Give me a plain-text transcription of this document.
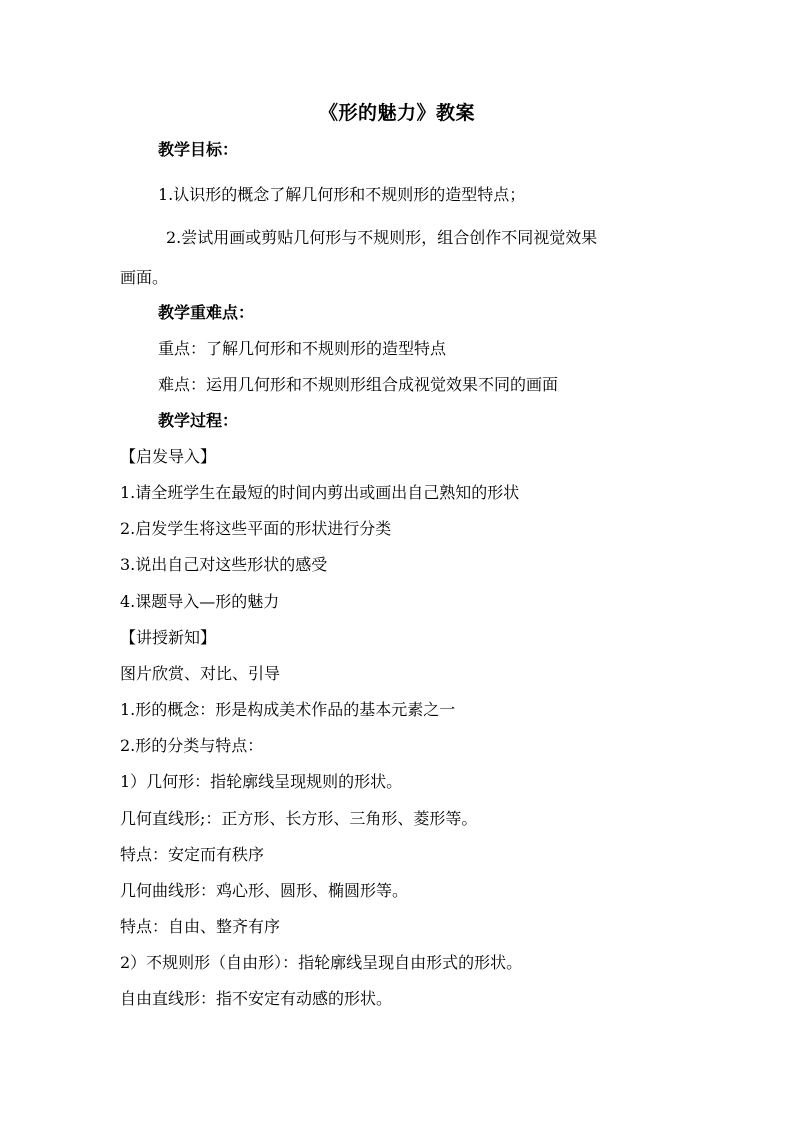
《形的魅力》教案
教学目标：
1.认识形的概念了解几何形和不规则形的造型特点；
2.尝试用画或剪贴几何形与不规则形，组合创作不同视觉效果
画面。
教学重难点：
重点：了解几何形和不规则形的造型特点
难点：运用几何形和不规则形组合成视觉效果不同的画面
教学过程：
【启发导入】
1.请全班学生在最短的时间内剪出或画出自己熟知的形状
2.启发学生将这些平面的形状进行分类
3.说出自己对这些形状的感受
4.课题导入—形的魅力
【讲授新知】
图片欣赏、对比、引导
1.形的概念：形是构成美术作品的基本元素之一
2.形的分类与特点：
1）几何形：指轮廓线呈现规则的形状。
几何直线形;：正方形、长方形、三角形、菱形等。
特点：安定而有秩序
几何曲线形：鸡心形、圆形、椭圆形等。
特点：自由、整齐有序
2）不规则形（自由形）：指轮廓线呈现自由形式的形状。
自由直线形：指不安定有动感的形状。
